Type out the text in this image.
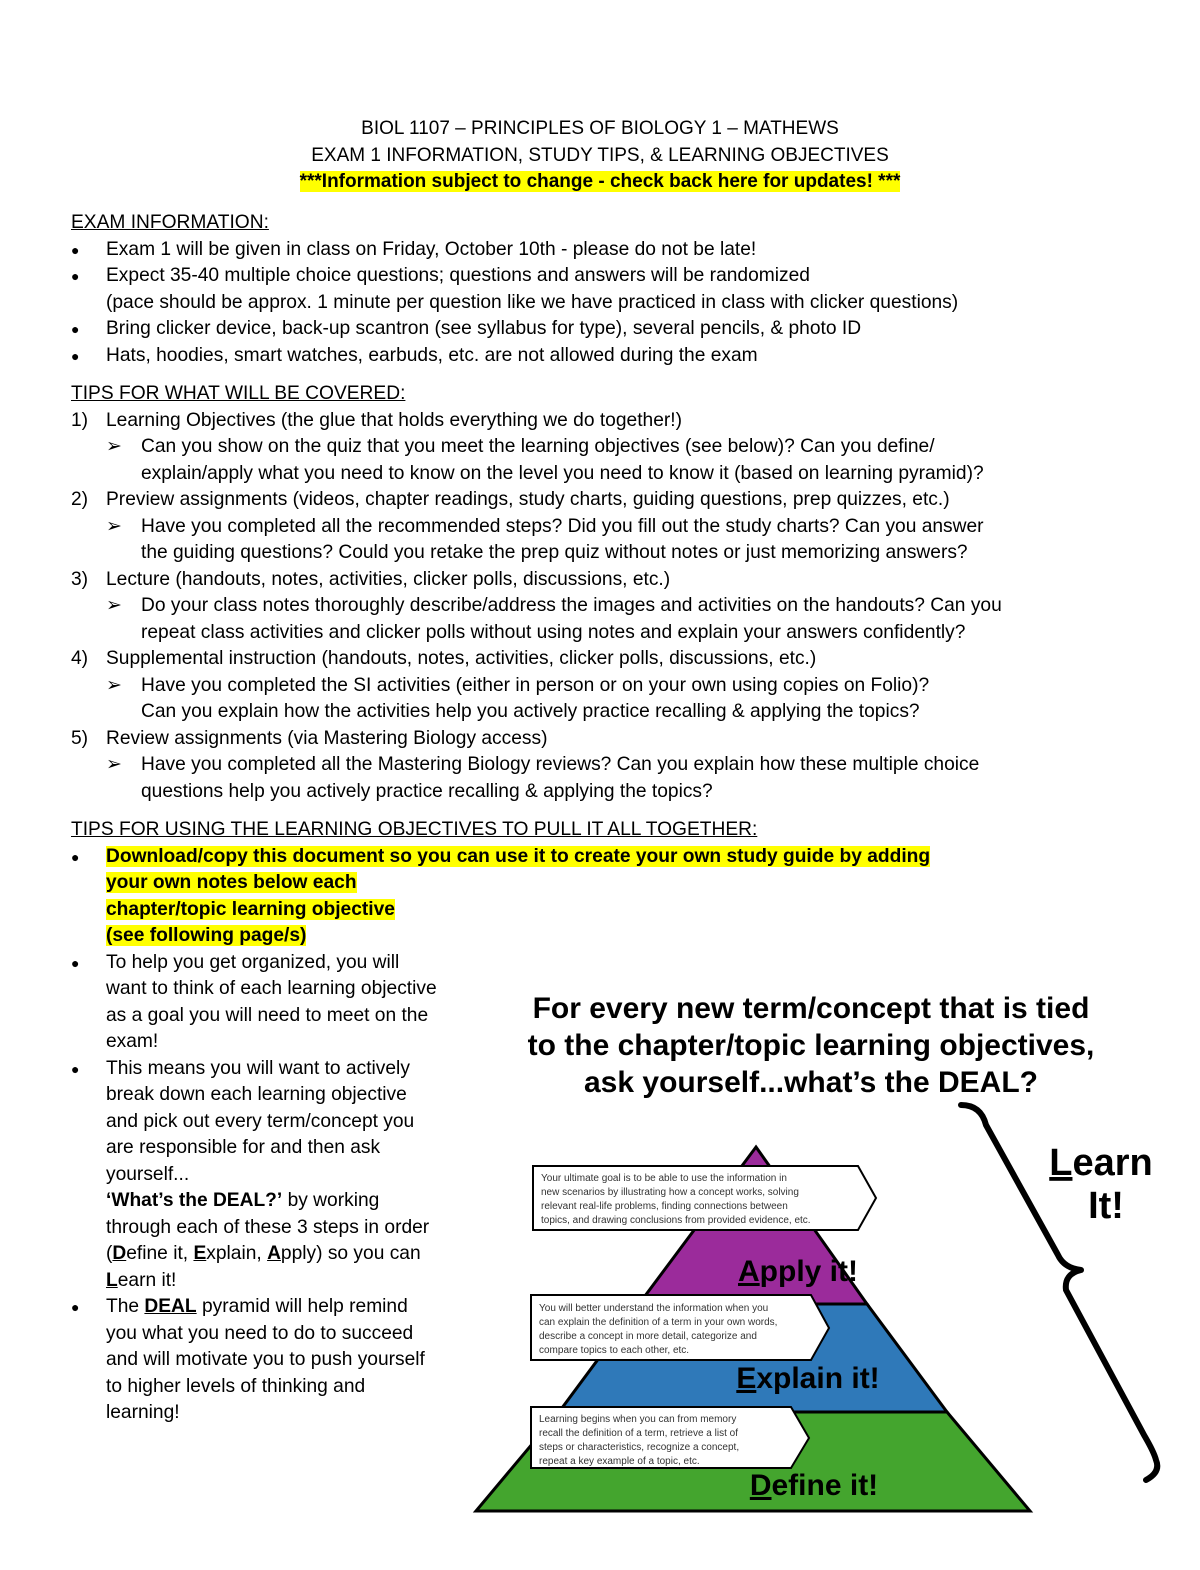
BIOL 1107 – PRINCIPLES OF BIOLOGY 1 – MATHEWS
EXAM 1 INFORMATION, STUDY TIPS, & LEARNING OBJECTIVES
***Information subject to change - check back here for updates! ***
EXAM INFORMATION:
● Exam 1 will be given in class on Friday, October 10th - please do not be late!
● Expect 35-40 multiple choice questions; questions and answers will be randomized
(pace should be approx. 1 minute per question like we have practiced in class with clicker questions)
● Bring clicker device, back-up scantron (see syllabus for type), several pencils, & photo ID
● Hats, hoodies, smart watches, earbuds, etc. are not allowed during the exam
TIPS FOR WHAT WILL BE COVERED:
1) Learning Objectives (the glue that holds everything we do together!)
➢ Can you show on the quiz that you meet the learning objectives (see below)? Can you define/
explain/apply what you need to know on the level you need to know it (based on learning pyramid)?
2) Preview assignments (videos, chapter readings, study charts, guiding questions, prep quizzes, etc.)
➢ Have you completed all the recommended steps? Did you fill out the study charts? Can you answer
the guiding questions? Could you retake the prep quiz without notes or just memorizing answers?
3) Lecture (handouts, notes, activities, clicker polls, discussions, etc.)
➢ Do your class notes thoroughly describe/address the images and activities on the handouts? Can you
repeat class activities and clicker polls without using notes and explain your answers confidently?
4) Supplemental instruction (handouts, notes, activities, clicker polls, discussions, etc.)
➢ Have you completed the SI activities (either in person or on your own using copies on Folio)?
Can you explain how the activities help you actively practice recalling & applying the topics?
5) Review assignments (via Mastering Biology access)
➢ Have you completed all the Mastering Biology reviews? Can you explain how these multiple choice
questions help you actively practice recalling & applying the topics?
TIPS FOR USING THE LEARNING OBJECTIVES TO PULL IT ALL TOGETHER:
● Download/copy this document so you can use it to create your own study guide by adding
your own notes below each
chapter/topic learning objective
(see following page/s)
● To help you get organized, you will want to think of each learning objective as a goal you will need to meet on the exam!
● This means you will want to actively break down each learning objective and pick out every term/concept you are responsible for and then ask yourself...
‘What’s the DEAL?’ by working through each of these 3 steps in order (Define it, Explain, Apply) so you can Learn it!
● The DEAL pyramid will help remind you what you need to do to succeed and will motivate you to push yourself to higher levels of thinking and learning!
For every new term/concept that is tied
to the chapter/topic learning objectives,
ask yourself...what’s the DEAL?
Apply it!
Explain it!
Define it!
Your ultimate goal is to be able to use the information in new scenarios by illustrating how a concept works, solving relevant real-life problems, finding connections between topics, and drawing conclusions from provided evidence, etc.
You will better understand the information when you can explain the definition of a term in your own words, describe a concept in more detail, categorize and compare topics to each other, etc.
Learning begins when you can from memory recall the definition of a term, retrieve a list of steps or characteristics, recognize a concept, repeat a key example of a topic, etc.
Learn
It!
